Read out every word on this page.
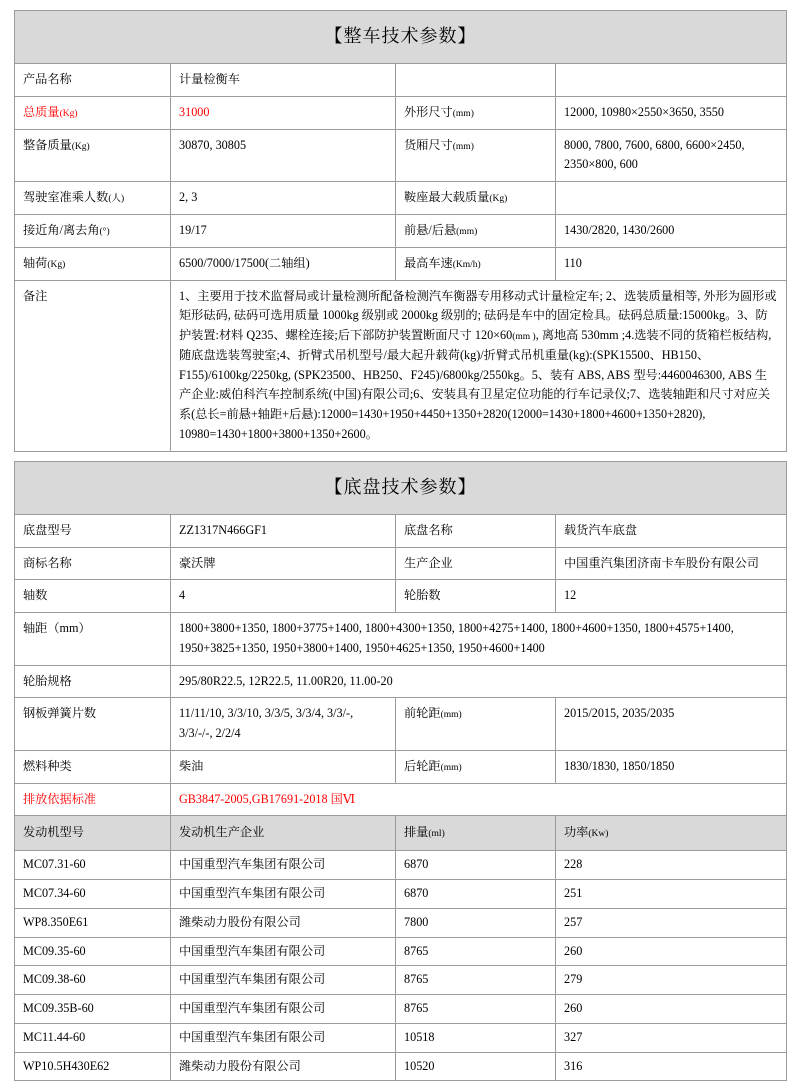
【整车技术参数】			
产品名称	计量检衡车		
总质量(Kg)	31000	外形尺寸(mm)	12000, 10980×2550×3650, 3550
整备质量(Kg)	30870, 30805	货厢尺寸(mm)	8000, 7800, 7600, 6800, 6600×2450, 2350×800, 600
驾驶室准乘人数(人)	2, 3	鞍座最大载质量(Kg)	
接近角/离去角(°)	19/17	前悬/后悬(mm)	1430/2820, 1430/2600
轴荷(Kg)	6500/7000/17500(二轴组)	最高车速(Km/h)	110
备注	1、主要用于技术监督局或计量检测所配备检测汽车衡器专用移动式计量检定车; 2、选装质量相等, 外形为圆形或矩形砝码, 砝码可选用质量 1000kg 级别或 2000kg 级别的; 砝码是车中的固定检具。砝码总质量:15000kg。3、防护装置:材料 Q235、螺栓连接;后下部防护装置断面尺寸 120×60(mm ), 离地高 530mm ;4.选装不同的货箱栏板结构, 随底盘选装驾驶室;4、折臂式吊机型号/最大起升载荷(kg)/折臂式吊机重量(kg):(SPK15500、HB150、F155)/6100kg/2250kg, (SPK23500、HB250、F245)/6800kg/2550kg。5、装有 ABS, ABS 型号:4460046300, ABS 生产企业:威伯科汽车控制系统(中国)有限公司;6、安装具有卫星定位功能的行车记录仪;7、选装轴距和尺寸对应关系(总长=前悬+轴距+后悬):12000=1430+1950+4450+1350+2820(12000=1430+1800+4600+1350+2820), 10980=1430+1800+3800+1350+2600。		
【底盘技术参数】			
底盘型号	ZZ1317N466GF1	底盘名称	载货汽车底盘
商标名称	豪沃牌	生产企业	中国重汽集团济南卡车股份有限公司
轴数	4	轮胎数	12
轴距（mm）	1800+3800+1350, 1800+3775+1400, 1800+4300+1350, 1800+4275+1400, 1800+4600+1350, 1800+4575+1400, 1950+3825+1350, 1950+3800+1400, 1950+4625+1350, 1950+4600+1400		
轮胎规格	295/80R22.5, 12R22.5, 11.00R20, 11.00-20		
钢板弹簧片数	11/11/10, 3/3/10, 3/3/5, 3/3/4, 3/3/-, 3/3/-/-, 2/2/4	前轮距(mm)	2015/2015, 2035/2035
燃料种类	柴油	后轮距(mm)	1830/1830, 1850/1850
排放依据标准	GB3847-2005,GB17691-2018 国Ⅵ		
发动机型号	发动机生产企业	排量(ml)	功率(Kw)
MC07.31-60	中国重型汽车集团有限公司	6870	228
MC07.34-60	中国重型汽车集团有限公司	6870	251
WP8.350E61	潍柴动力股份有限公司	7800	257
MC09.35-60	中国重型汽车集团有限公司	8765	260
MC09.38-60	中国重型汽车集团有限公司	8765	279
MC09.35B-60	中国重型汽车集团有限公司	8765	260
MC11.44-60	中国重型汽车集团有限公司	10518	327
WP10.5H430E62	潍柴动力股份有限公司	10520	316
